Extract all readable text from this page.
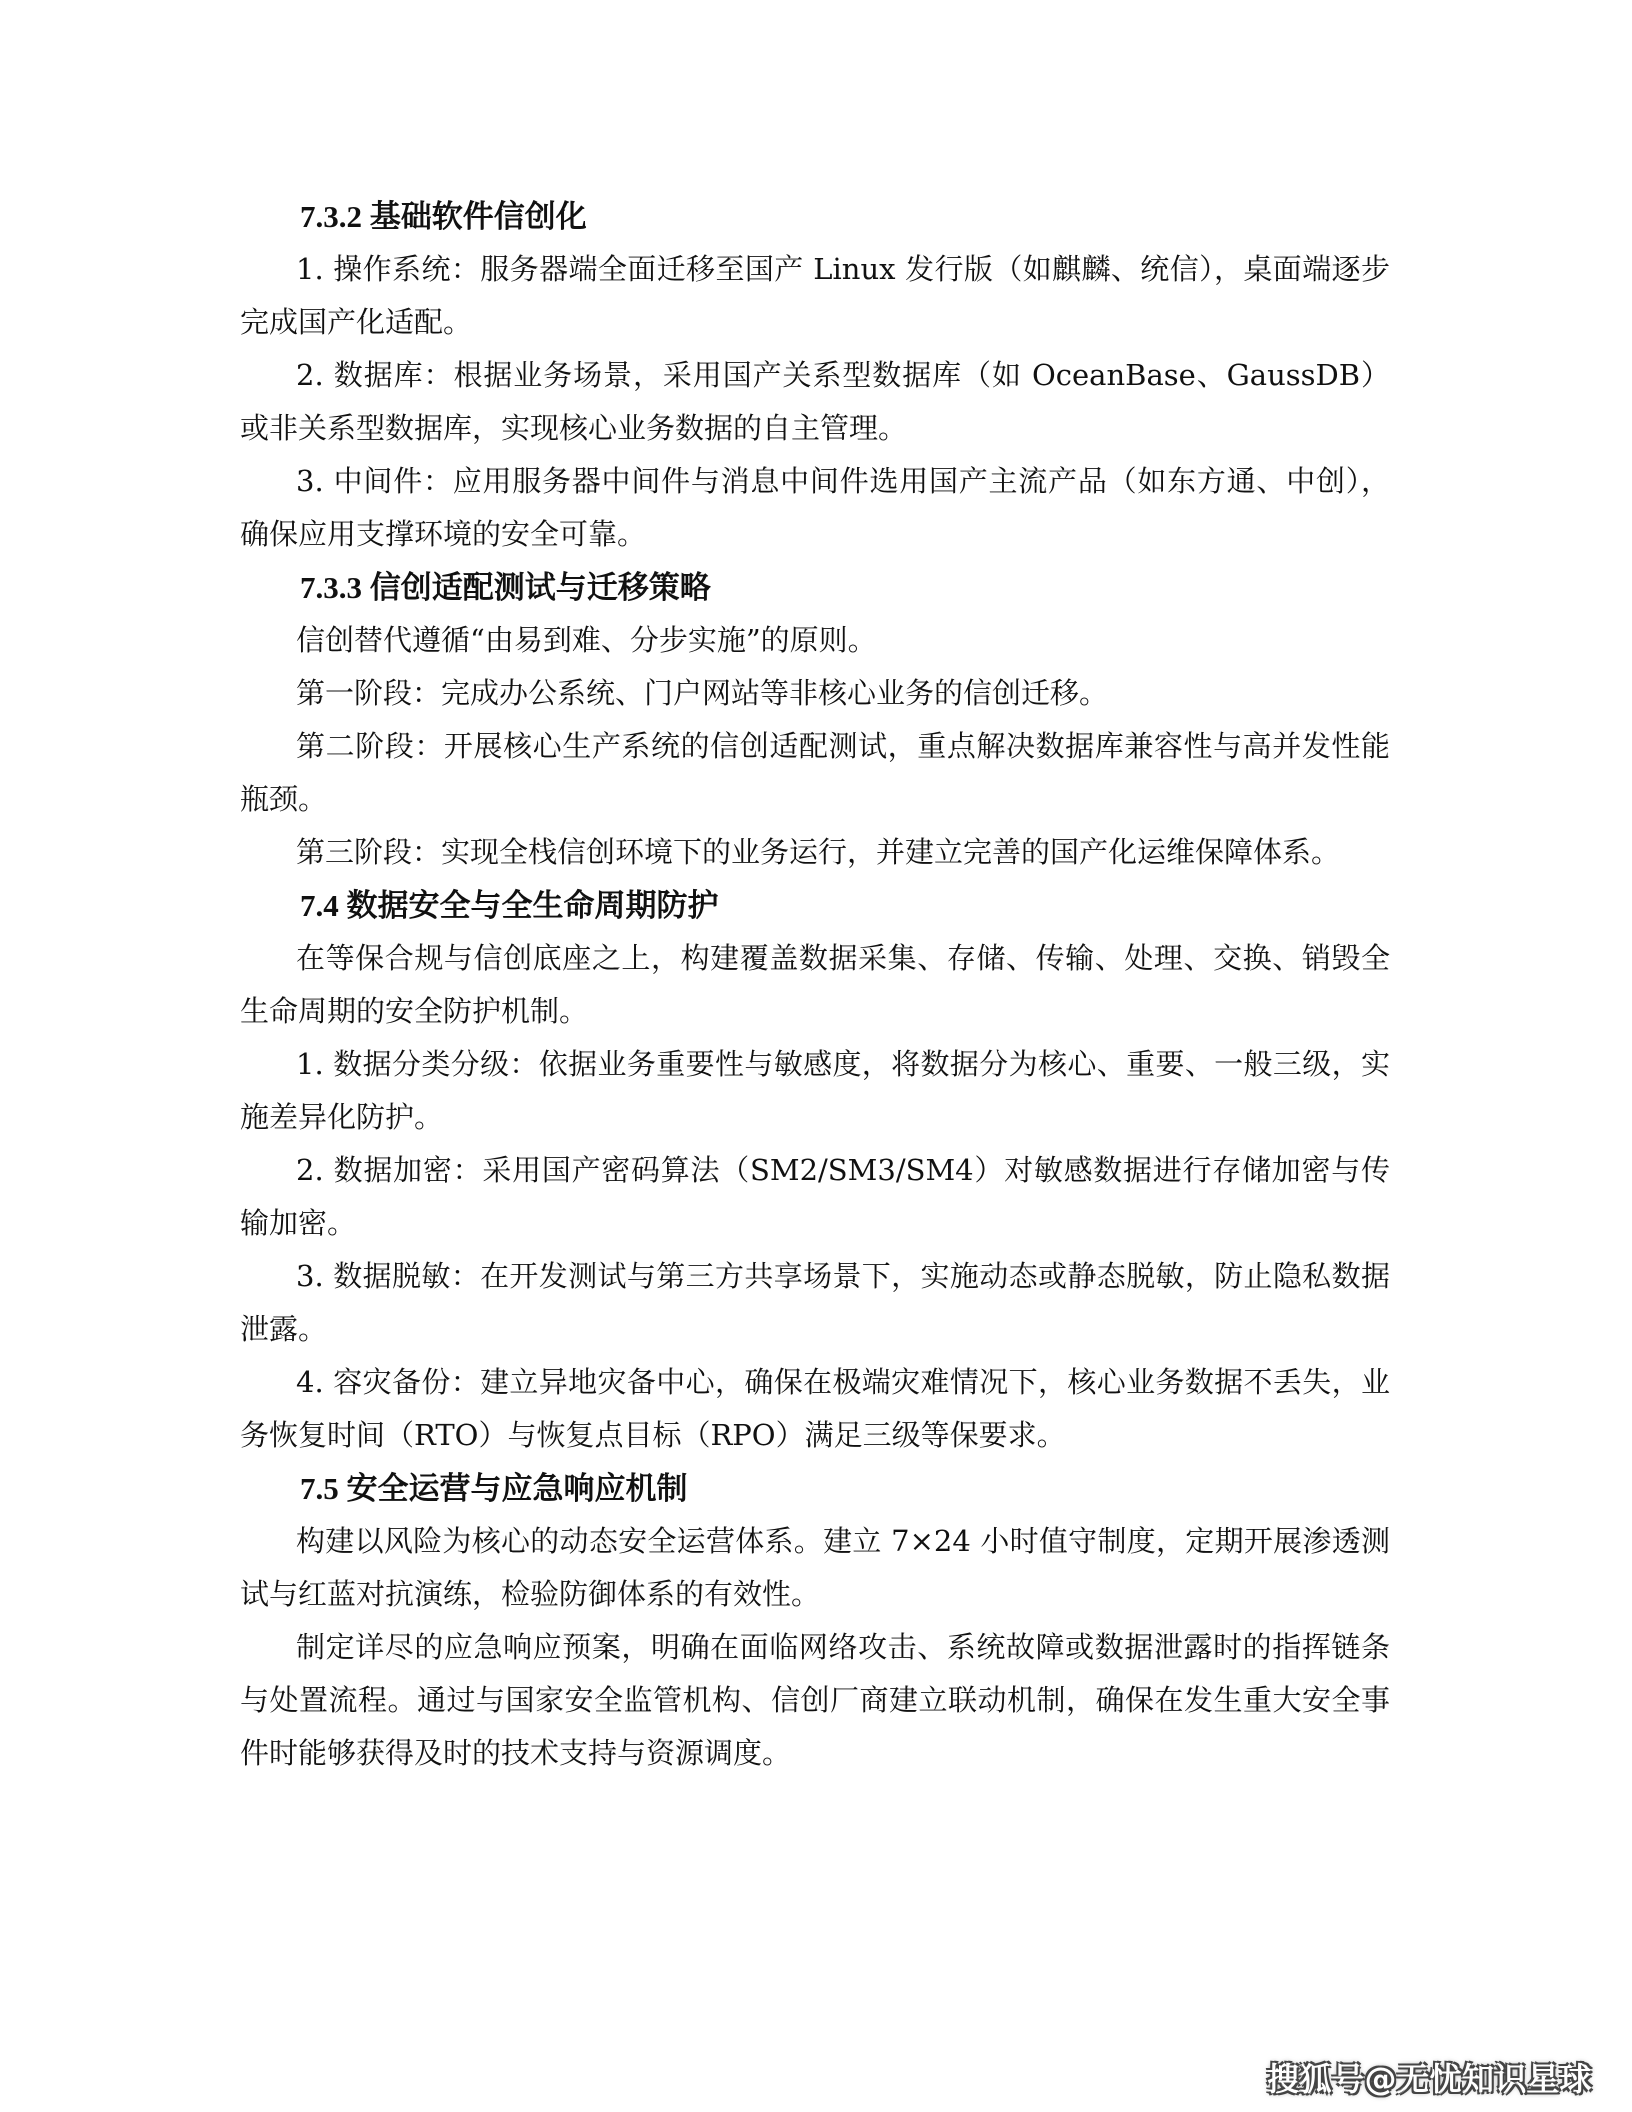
7.3.2 基础软件信创化

1. 操作系统：服务器端全面迁移至国产 Linux 发行版（如麒麟、统信），桌面端逐步完成国产化适配。

2. 数据库：根据业务场景，采用国产关系型数据库（如 OceanBase、GaussDB）或非关系型数据库，实现核心业务数据的自主管理。

3. 中间件：应用服务器中间件与消息中间件选用国产主流产品（如东方通、中创），确保应用支撑环境的安全可靠。

7.3.3 信创适配测试与迁移策略

信创替代遵循“由易到难、分步实施”的原则。

第一阶段：完成办公系统、门户网站等非核心业务的信创迁移。

第二阶段：开展核心生产系统的信创适配测试，重点解决数据库兼容性与高并发性能瓶颈。

第三阶段：实现全栈信创环境下的业务运行，并建立完善的国产化运维保障体系。

7.4 数据安全与全生命周期防护

在等保合规与信创底座之上，构建覆盖数据采集、存储、传输、处理、交换、销毁全生命周期的安全防护机制。

1. 数据分类分级：依据业务重要性与敏感度，将数据分为核心、重要、一般三级，实施差异化防护。

2. 数据加密：采用国产密码算法（SM2/SM3/SM4）对敏感数据进行存储加密与传输加密。

3. 数据脱敏：在开发测试与第三方共享场景下，实施动态或静态脱敏，防止隐私数据泄露。

4. 容灾备份：建立异地灾备中心，确保在极端灾难情况下，核心业务数据不丢失，业务恢复时间（RTO）与恢复点目标（RPO）满足三级等保要求。

7.5 安全运营与应急响应机制

构建以风险为核心的动态安全运营体系。建立 7×24 小时值守制度，定期开展渗透测试与红蓝对抗演练，检验防御体系的有效性。

制定详尽的应急响应预案，明确在面临网络攻击、系统故障或数据泄露时的指挥链条与处置流程。通过与国家安全监管机构、信创厂商建立联动机制，确保在发生重大安全事件时能够获得及时的技术支持与资源调度。

搜狐号@无忧知识星球
